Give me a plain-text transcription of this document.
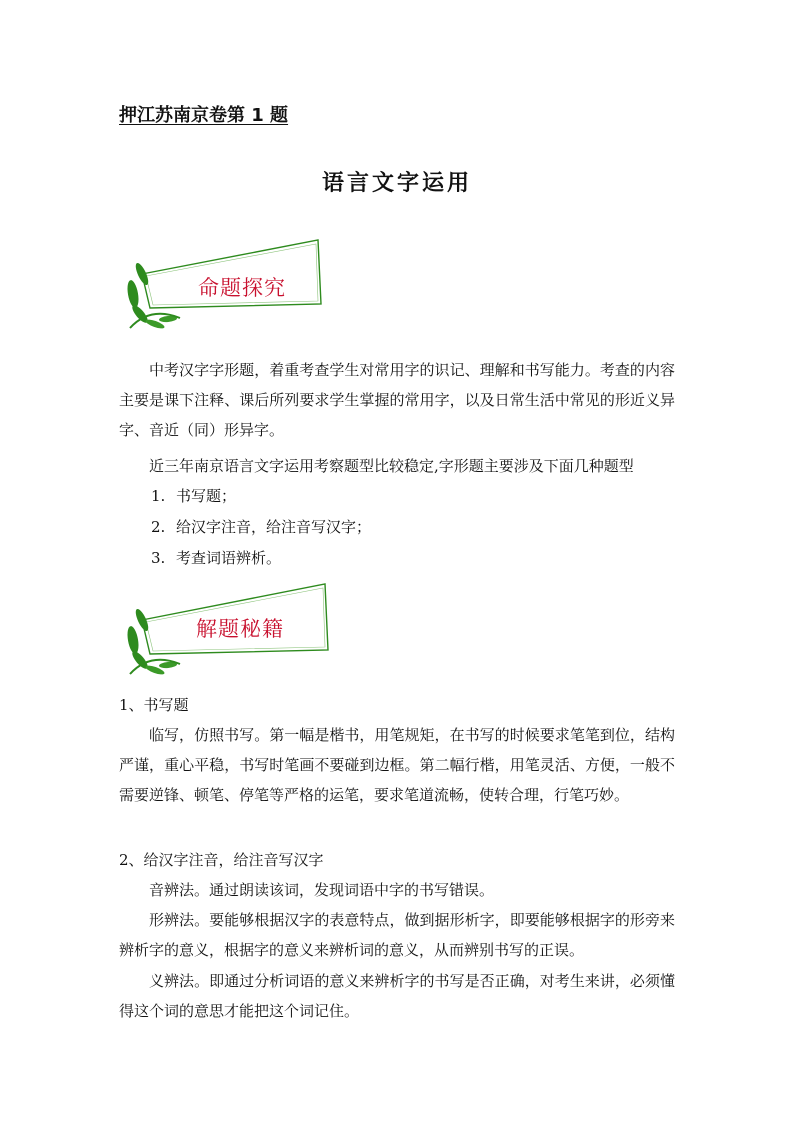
押江苏南京卷第 1 题
语言文字运用
命题探究

中考汉字字形题，着重考查学生对常用字的识记、理解和书写能力。考查的内容主要是课下注释、课后所列要求学生掌握的常用字，以及日常生活中常见的形近义异字、音近（同）形异字。

近三年南京语言文字运用考察题型比较稳定,字形题主要涉及下面几种题型

1. 书写题；
2. 给汉字注音，给注音写汉字；
3. 考查词语辨析。
解题秘籍
1、书写题

临写，仿照书写。第一幅是楷书，用笔规矩，在书写的时候要求笔笔到位，结构严谨，重心平稳，书写时笔画不要碰到边框。第二幅行楷，用笔灵活、方便，一般不需要逆锋、顿笔、停笔等严格的运笔，要求笔道流畅，使转合理，行笔巧妙。

2、给汉字注音，给注音写汉字

音辨法。通过朗读该词，发现词语中字的书写错误。

形辨法。要能够根据汉字的表意特点，做到据形析字，即要能够根据字的形旁来辨析字的意义，根据字的意义来辨析词的意义，从而辨别书写的正误。

义辨法。即通过分析词语的意义来辨析字的书写是否正确，对考生来讲，必须懂得这个词的意思才能把这个词记住。
